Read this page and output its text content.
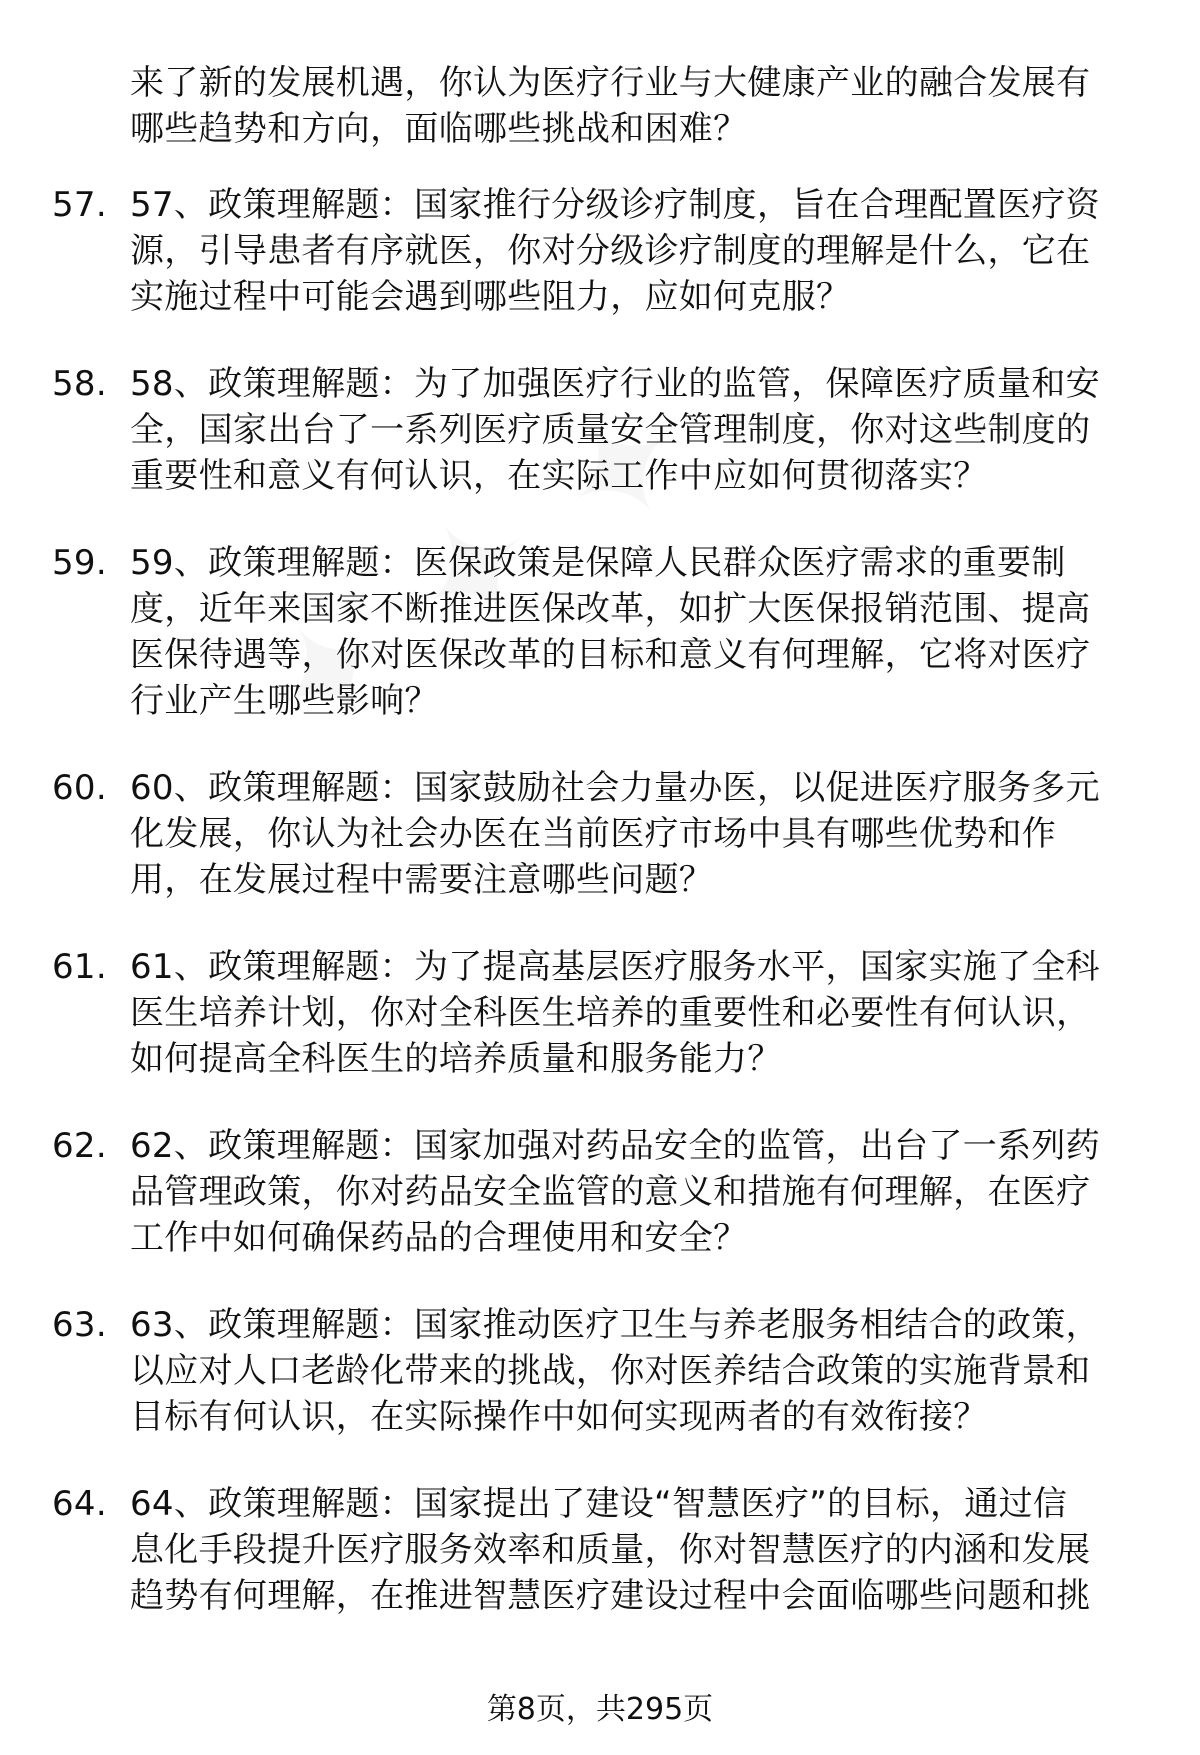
来了新的发展机遇，你认为医疗行业与大健康产业的融合发展有
哪些趋势和方向，面临哪些挑战和困难？
57. 57、政策理解题：国家推行分级诊疗制度，旨在合理配置医疗资
源，引导患者有序就医，你对分级诊疗制度的理解是什么，它在
实施过程中可能会遇到哪些阻力，应如何克服？
58. 58、政策理解题：为了加强医疗行业的监管，保障医疗质量和安
全，国家出台了一系列医疗质量安全管理制度，你对这些制度的
重要性和意义有何认识，在实际工作中应如何贯彻落实？
59. 59、政策理解题：医保政策是保障人民群众医疗需求的重要制
度，近年来国家不断推进医保改革，如扩大医保报销范围、提高
医保待遇等，你对医保改革的目标和意义有何理解，它将对医疗
行业产生哪些影响？
60. 60、政策理解题：国家鼓励社会力量办医，以促进医疗服务多元
化发展，你认为社会办医在当前医疗市场中具有哪些优势和作
用，在发展过程中需要注意哪些问题？
61. 61、政策理解题：为了提高基层医疗服务水平，国家实施了全科
医生培养计划，你对全科医生培养的重要性和必要性有何认识，
如何提高全科医生的培养质量和服务能力？
62. 62、政策理解题：国家加强对药品安全的监管，出台了一系列药
品管理政策，你对药品安全监管的意义和措施有何理解，在医疗
工作中如何确保药品的合理使用和安全？
63. 63、政策理解题：国家推动医疗卫生与养老服务相结合的政策，
以应对人口老龄化带来的挑战，你对医养结合政策的实施背景和
目标有何认识，在实际操作中如何实现两者的有效衔接？
64. 64、政策理解题：国家提出了建设“智慧医疗”的目标，通过信
息化手段提升医疗服务效率和质量，你对智慧医疗的内涵和发展
趋势有何理解，在推进智慧医疗建设过程中会面临哪些问题和挑
第8页，共295页
